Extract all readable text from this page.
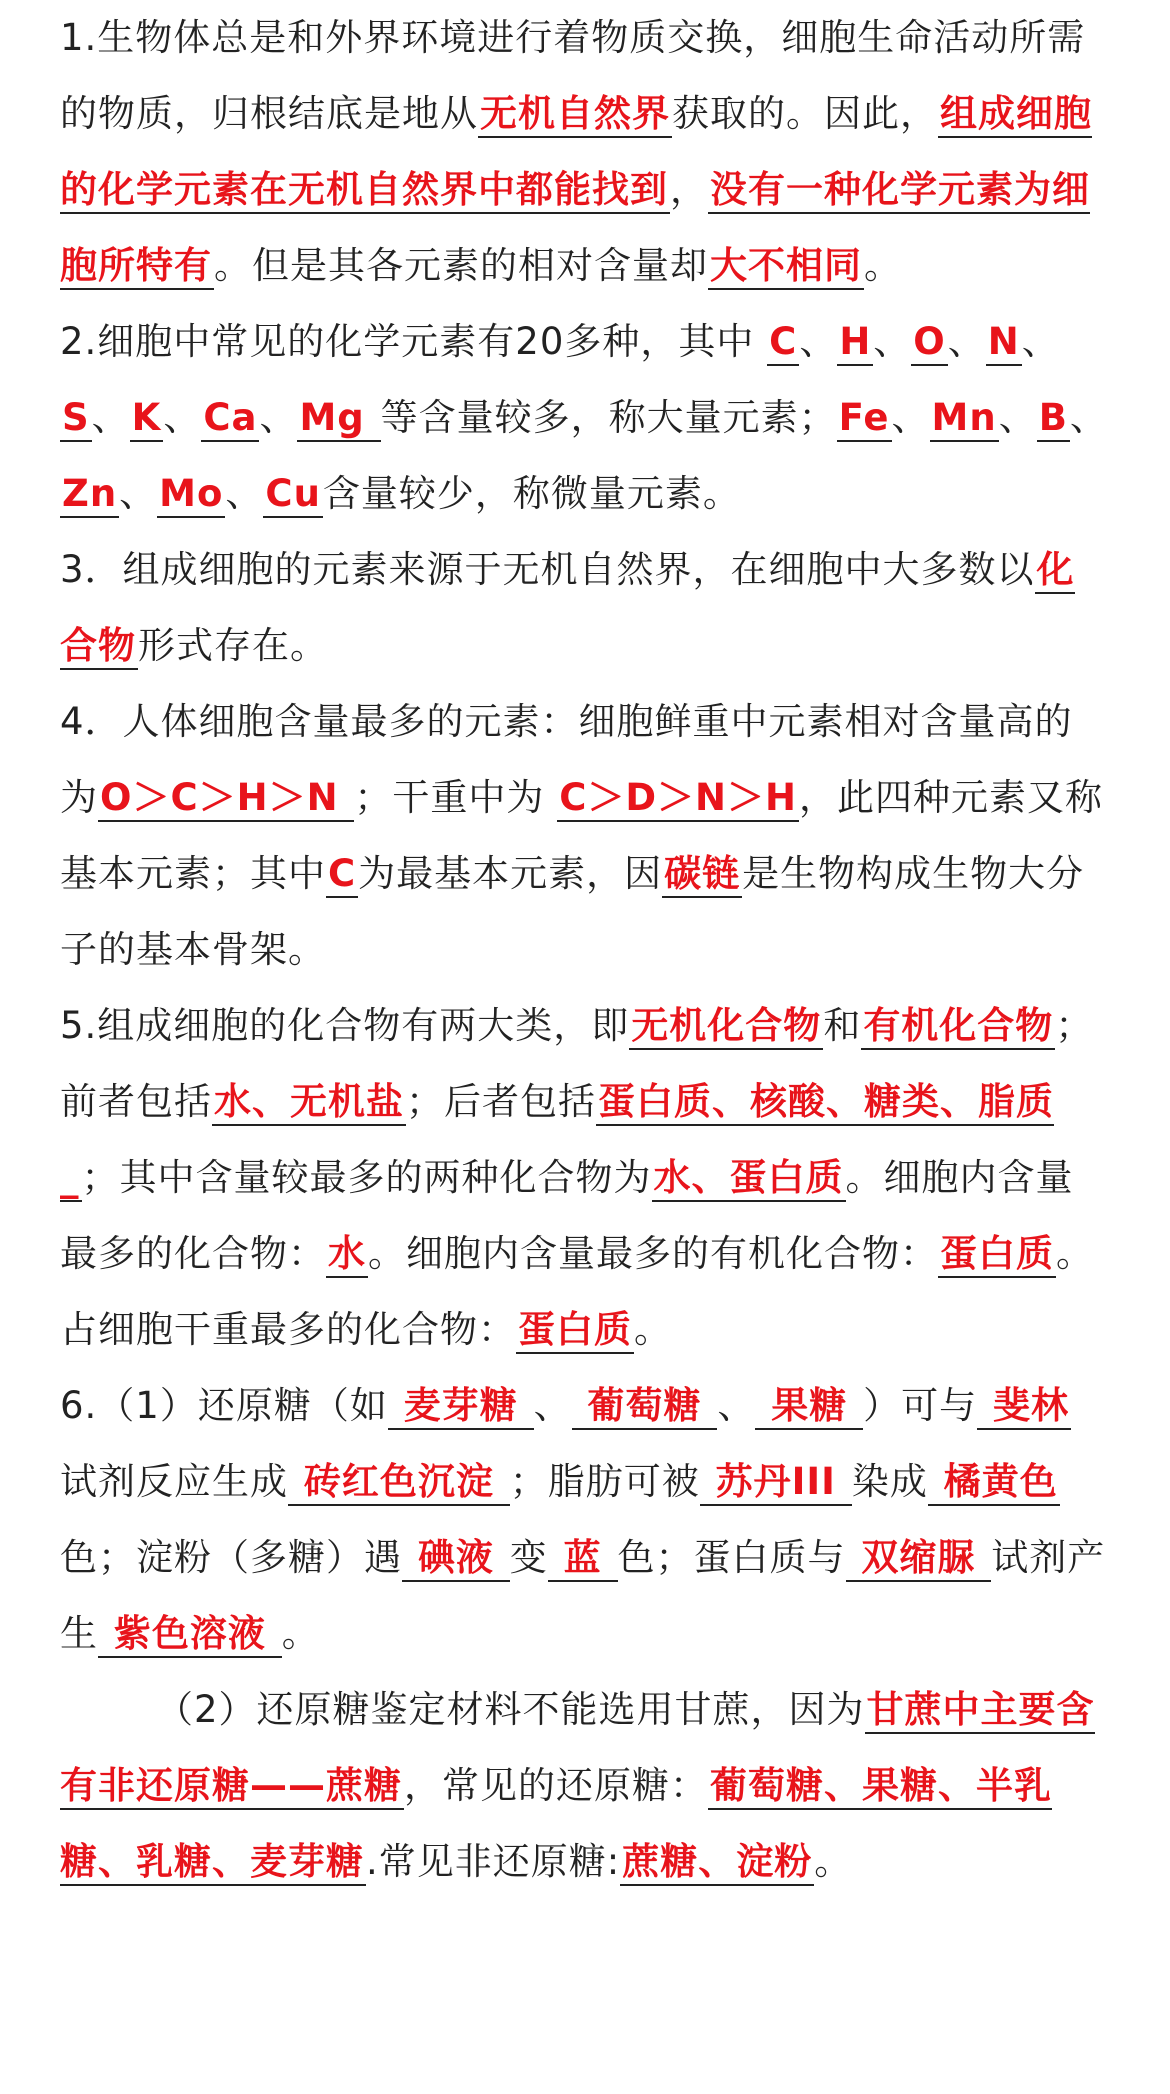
1.生物体总是和外界环境进行着物质交换，细胞生命活动所需的物质，归根结底是地从无机自然界获取的。因此，组成细胞的化学元素在无机自然界中都能找到，没有一种化学元素为细胞所特有。但是其各元素的相对含量却大不相同。

2.细胞中常见的化学元素有20多种，其中 C、H、O、N、S、K、Ca、Mg 等含量较多，称大量元素；Fe、Mn、B、Zn、Mo、Cu含量较少，称微量元素。

3．组成细胞的元素来源于无机自然界，在细胞中大多数以化合物形式存在。

4．人体细胞含量最多的元素：细胞鲜重中元素相对含量高的为O＞C＞H＞N ；干重中为 C＞D＞N＞H，此四种元素又称基本元素；其中C为最基本元素，因碳链是生物构成生物大分子的基本骨架。

5.组成细胞的化合物有两大类，即无机化合物和有机化合物；前者包括水、无机盐；后者包括蛋白质、核酸、糖类、脂质_；其中含量较最多的两种化合物为水、蛋白质。细胞内含量最多的化合物：水。细胞内含量最多的有机化合物：蛋白质。占细胞干重最多的化合物：蛋白质。

6.（1）还原糖（如 麦芽糖 、 葡萄糖 、 果糖 ）可与 斐林 试剂反应生成 砖红色沉淀 ；脂肪可被 苏丹III 染成 橘黄色 色；淀粉（多糖）遇 碘液 变 蓝 色；蛋白质与 双缩脲 试剂产生 紫色溶液 。

（2）还原糖鉴定材料不能选用甘蔗，因为甘蔗中主要含有非还原糖——蔗糖，常见的还原糖：葡萄糖、果糖、半乳糖、乳糖、麦芽糖.常见非还原糖:蔗糖、淀粉。
